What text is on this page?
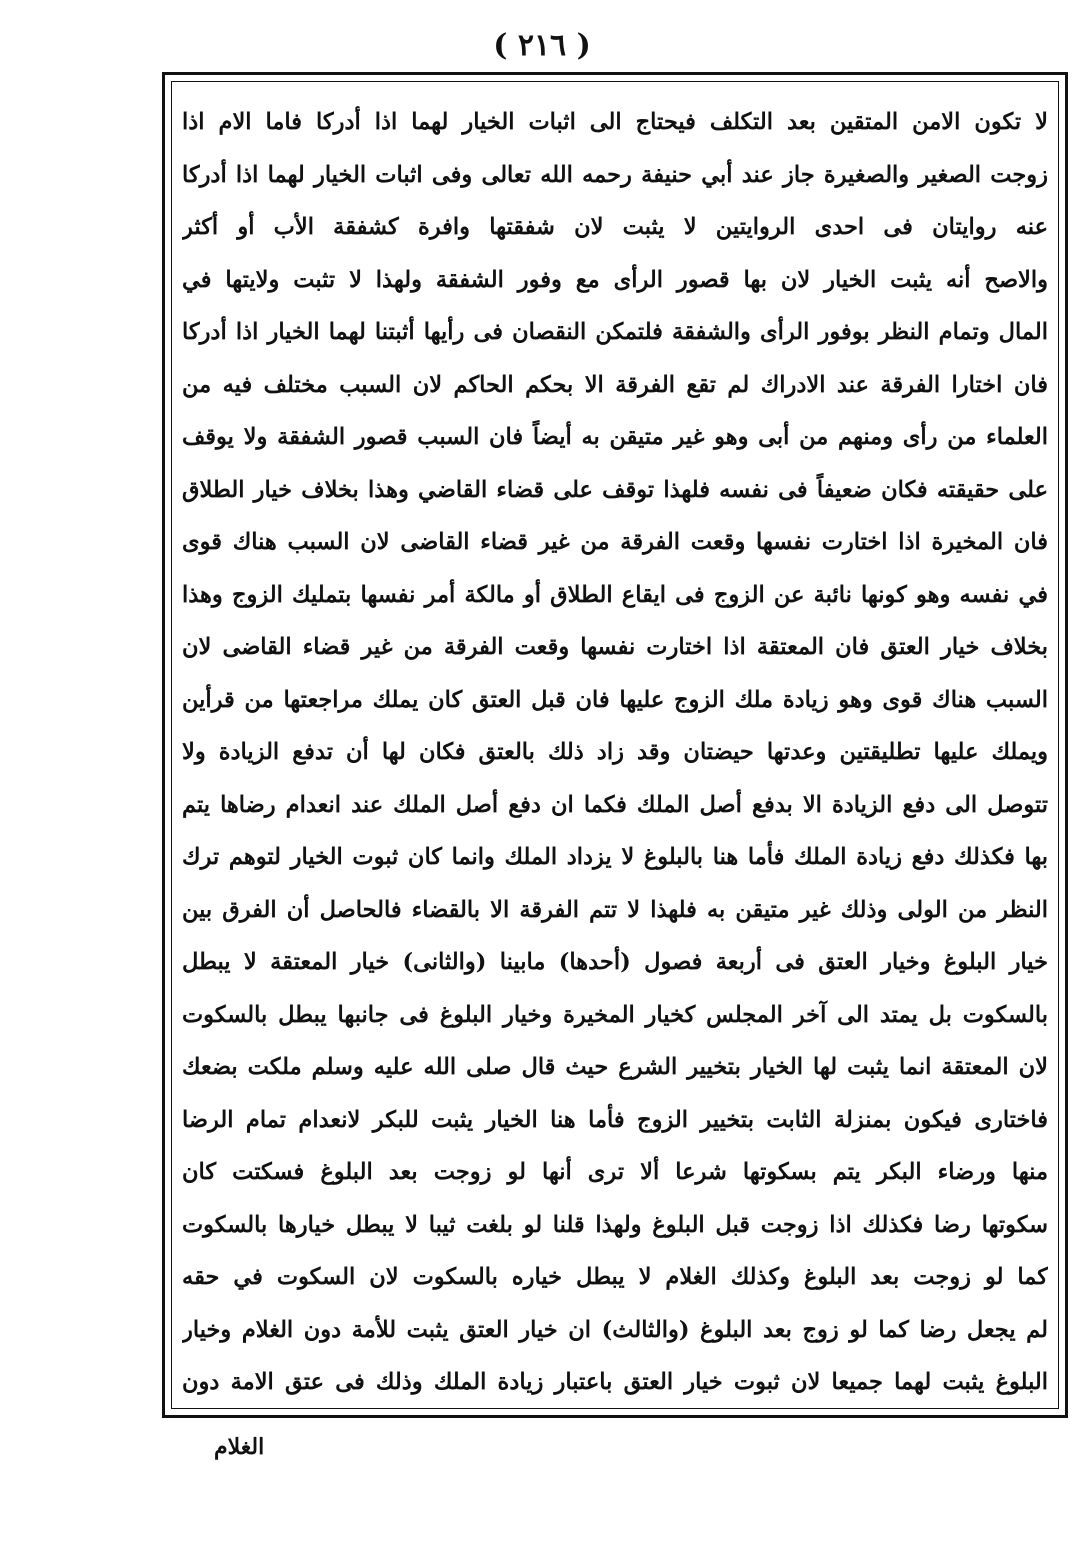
( ٢١٦ )
لا تكون الامن المتقين بعد التكلف فيحتاج الى اثبات الخيار لهما اذا أدركا فاما الام اذا
زوجت الصغير والصغيرة جاز عند أبي حنيفة رحمه الله تعالى وفى اثبات الخيار لهما اذا أدركا
عنه روايتان فى احدى الروايتين لا يثبت لان شفقتها وافرة كشفقة الأب أو أكثر
والاصح أنه يثبت الخيار لان بها قصور الرأى مع وفور الشفقة ولهذا لا تثبت ولايتها في
المال وتمام النظر بوفور الرأى والشفقة فلتمكن النقصان فى رأيها أثبتنا لهما الخيار اذا أدركا
فان اختارا الفرقة عند الادراك لم تقع الفرقة الا بحكم الحاكم لان السبب مختلف فيه من
العلماء من رأى ومنهم من أبى وهو غير متيقن به أيضاً فان السبب قصور الشفقة ولا يوقف
على حقيقته فكان ضعيفاً فى نفسه فلهذا توقف على قضاء القاضي وهذا بخلاف خيار الطلاق
فان المخيرة اذا اختارت نفسها وقعت الفرقة من غير قضاء القاضى لان السبب هناك قوى
في نفسه وهو كونها نائبة عن الزوج فى ايقاع الطلاق أو مالكة أمر نفسها بتمليك الزوج وهذا
بخلاف خيار العتق فان المعتقة اذا اختارت نفسها وقعت الفرقة من غير قضاء القاضى لان
السبب هناك قوى وهو زيادة ملك الزوج عليها فان قبل العتق كان يملك مراجعتها من قرأين
ويملك عليها تطليقتين وعدتها حيضتان وقد زاد ذلك بالعتق فكان لها أن تدفع الزيادة ولا
تتوصل الى دفع الزيادة الا بدفع أصل الملك فكما ان دفع أصل الملك عند انعدام رضاها يتم
بها فكذلك دفع زيادة الملك فأما هنا بالبلوغ لا يزداد الملك وانما كان ثبوت الخيار لتوهم ترك
النظر من الولى وذلك غير متيقن به فلهذا لا تتم الفرقة الا بالقضاء فالحاصل أن الفرق بين
خيار البلوغ وخيار العتق فى أربعة فصول (أحدها) مابينا (والثانى) خيار المعتقة لا يبطل
بالسكوت بل يمتد الى آخر المجلس كخيار المخيرة وخيار البلوغ فى جانبها يبطل بالسكوت
لان المعتقة انما يثبت لها الخيار بتخيير الشرع حيث قال صلى الله عليه وسلم ملكت بضعك
فاختارى فيكون بمنزلة الثابت بتخيير الزوج فأما هنا الخيار يثبت للبكر لانعدام تمام الرضا
منها ورضاء البكر يتم بسكوتها شرعا ألا ترى أنها لو زوجت بعد البلوغ فسكتت كان
سكوتها رضا فكذلك اذا زوجت قبل البلوغ ولهذا قلنا لو بلغت ثيبا لا يبطل خيارها بالسكوت
كما لو زوجت بعد البلوغ وكذلك الغلام لا يبطل خياره بالسكوت لان السكوت في حقه
لم يجعل رضا كما لو زوج بعد البلوغ (والثالث) ان خيار العتق يثبت للأمة دون الغلام وخيار
البلوغ يثبت لهما جميعا لان ثبوت خيار العتق باعتبار زيادة الملك وذلك فى عتق الامة دون
الغلام
